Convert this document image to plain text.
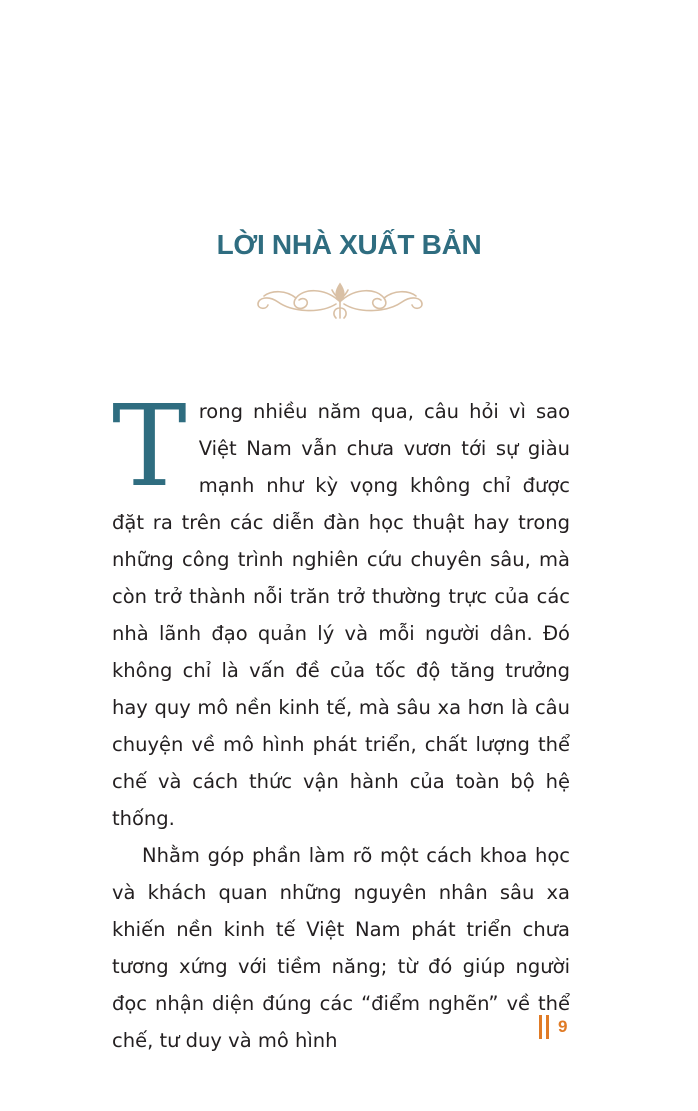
LỜI NHÀ XUẤT BẢN

Trong nhiều năm qua, câu hỏi vì sao Việt Nam vẫn chưa vươn tới sự giàu mạnh như kỳ vọng không chỉ được đặt ra trên các diễn đàn học thuật hay trong những công trình nghiên cứu chuyên sâu, mà còn trở thành nỗi trăn trở thường trực của các nhà lãnh đạo quản lý và mỗi người dân. Đó không chỉ là vấn đề của tốc độ tăng trưởng hay quy mô nền kinh tế, mà sâu xa hơn là câu chuyện về mô hình phát triển, chất lượng thể chế và cách thức vận hành của toàn bộ hệ thống.

Nhằm góp phần làm rõ một cách khoa học và khách quan những nguyên nhân sâu xa khiến nền kinh tế Việt Nam phát triển chưa tương xứng với tiềm năng; từ đó giúp người đọc nhận diện đúng các “điểm nghẽn” về thể chế, tư duy và mô hình

9
